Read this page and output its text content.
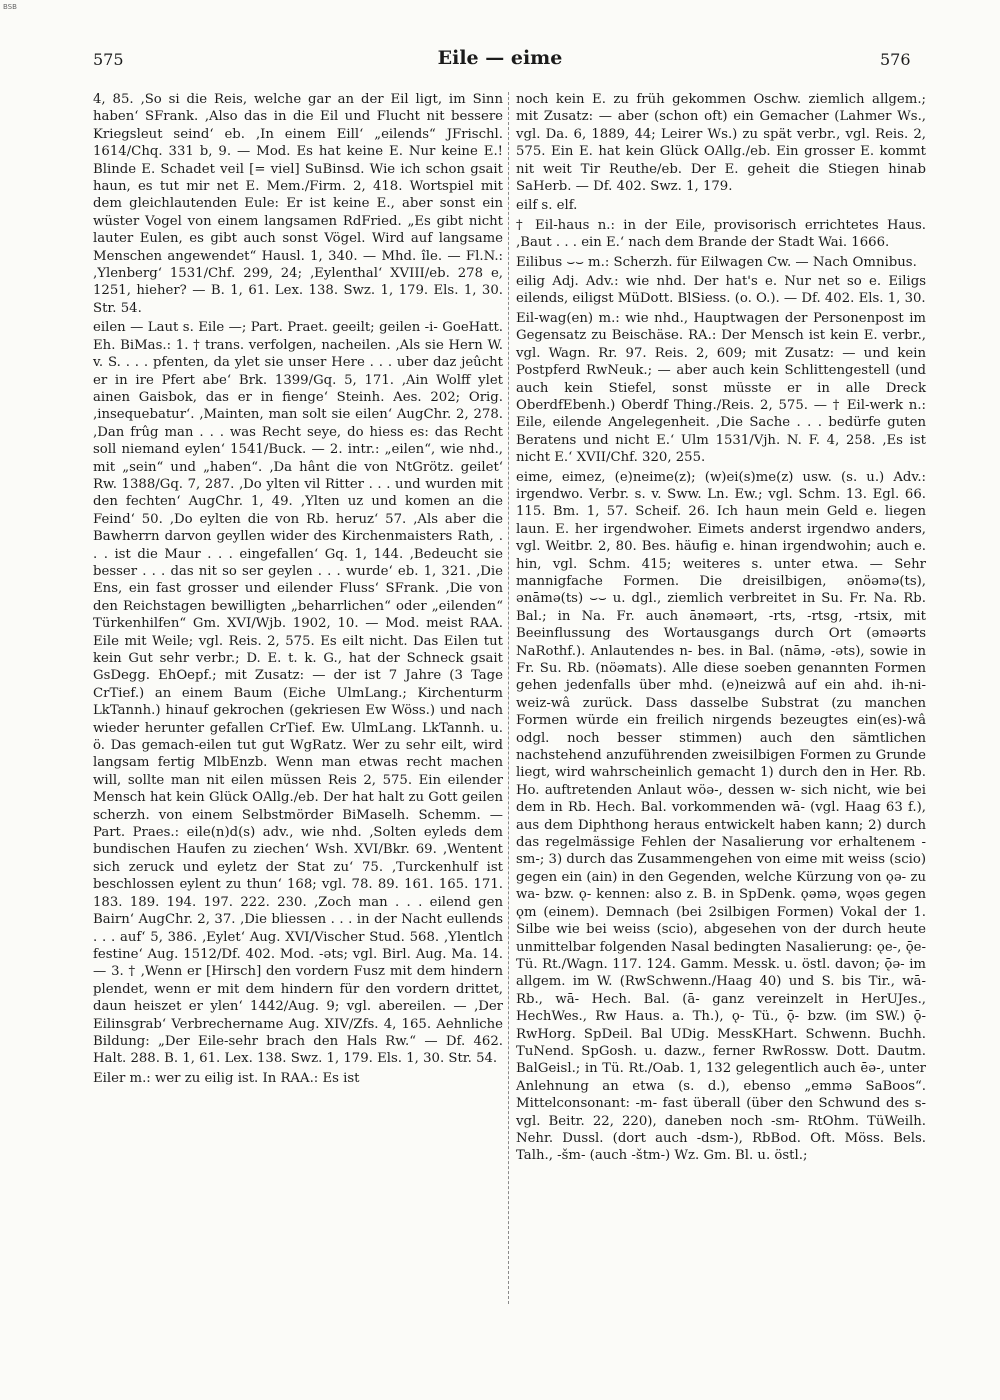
BSB
575	Eile — eime	576

4, 85. ‚So si die Reis, welche gar an der Eil ligt, im Sinn haben‘ SFrank. ‚Also das in die Eil und Flucht nit bessere Kriegsleut seind‘ eb. ‚In einem Eill‘ „eilends“ JFrischl. 1614/Chq. 331 b, 9. — Mod. Es hat keine E. Nur keine E.! Blinde E. Schadet veil [= viel] SuBinsd. Wie ich schon gsait haun, es tut mir net E. Mem./Firm. 2, 418. Wortspiel mit dem gleichlautenden Eule: Er ist keine E., aber sonst ein wüster Vogel von einem langsamen RdFried. „Es gibt nicht lauter Eulen, es gibt auch sonst Vögel. Wird auf langsame Menschen angewendet“ Hausl. 1, 340. — Mhd. île. — Fl.N.: ‚Ylenberg‘ 1531/Chf. 299, 24; ‚Eylenthal‘ XVIII/eb. 278 e, 1251, hieher? — B. 1, 61. Lex. 138. Swz. 1, 179. Els. 1, 30. Str. 54.

eilen — Laut s. Eile —; Part. Praet. geeilt; geilen -i- GoeHatt. Eh. BiMas.: 1. † trans. verfolgen, nacheilen. ‚Als sie Hern W. v. S. . . . pfenten, da ylet sie unser Here . . . uber daz jeûcht er in ire Pfert abe‘ Brk. 1399/Gq. 5, 171. ‚Ain Wolff ylet ainen Gaisbok, das er in fienge‘ Steinh. Aes. 202; Orig. ‚insequebatur‘. ‚Mainten, man solt sie eilen‘ AugChr. 2, 278. ‚Dan frûg man . . . was Recht seye, do hiess es: das Recht soll niemand eylen‘ 1541/Buck. — 2. intr.: „eilen“, wie nhd., mit „sein“ und „haben“. ‚Da hânt die von NtGrötz. geilet‘ Rw. 1388/Gq. 7, 287. ‚Do ylten vil Ritter . . . und wurden mit den fechten‘ AugChr. 1, 49. ‚Ylten uz und komen an die Feind‘ 50. ‚Do eylten die von Rb. heruz‘ 57. ‚Als aber die Bawherrn darvon geyllen wider des Kirchenmaisters Rath, . . . ist die Maur . . . eingefallen‘ Gq. 1, 144. ‚Bedeucht sie besser . . . das nit so ser geylen . . . wurde‘ eb. 1, 321. ‚Die Ens, ein fast grosser und eilender Fluss‘ SFrank. ‚Die von den Reichstagen bewilligten „beharrlichen“ oder „eilenden“ Türkenhilfen“ Gm. XVI/Wjb. 1902, 10. — Mod. meist RAA. Eile mit Weile; vgl. Reis. 2, 575. Es eilt nicht. Das Eilen tut kein Gut sehr verbr.; D. E. t. k. G., hat der Schneck gsait GsDegg. EhOepf.; mit Zusatz: — der ist 7 Jahre (3 Tage CrTief.) an einem Baum (Eiche UlmLang.; Kirchenturm LkTannh.) hinauf gekrochen (gekriesen Ew Wöss.) und nach wieder herunter gefallen CrTief. Ew. UlmLang. LkTannh. u. ö. Das gemach-eilen tut gut WgRatz. Wer zu sehr eilt, wird langsam fertig MlbEnzb. Wenn man etwas recht machen will, sollte man nit eilen müssen Reis 2, 575. Ein eilender Mensch hat kein Glück OAllg./eb. Der hat halt zu Gott geilen scherzh. von einem Selbstmörder BiMaselh. Schemm. — Part. Praes.: eile(n)d(s) adv., wie nhd. ‚Solten eyleds dem bundischen Haufen zu ziechen‘ Wsh. XVI/Bkr. 69. ‚Wentent sich zeruck und eyletz der Stat zu‘ 75. ‚Turckenhulf ist beschlossen eylent zu thun‘ 168; vgl. 78. 89. 161. 165. 171. 183. 189. 194. 197. 222. 230. ‚Zoch man . . . eilend gen Bairn‘ AugChr. 2, 37. ‚Die bliessen . . . in der Nacht eullends . . . auf‘ 5, 386. ‚Eylet‘ Aug. XVI/Vischer Stud. 568. ‚Ylentlch festine‘ Aug. 1512/Df. 402. Mod. -əts; vgl. Birl. Aug. Ma. 14. — 3. † ‚Wenn er [Hirsch] den vordern Fusz mit dem hindern plendet, wenn er mit dem hindern für den vordern drittet, daun heiszet er ylen‘ 1442/Aug. 9; vgl. abereilen. — ‚Der Eilinsgrab‘ Verbrechername Aug. XIV/Zfs. 4, 165. Aehnliche Bildung: „Der Eile-sehr brach den Hals Rw.“ — Df. 462. Halt. 288. B. 1, 61. Lex. 138. Swz. 1, 179. Els. 1, 30. Str. 54.

Eiler m.: wer zu eilig ist. In RAA.: Es ist

noch kein E. zu früh gekommen Oschw. ziemlich allgem.; mit Zusatz: — aber (schon oft) ein Gemacher (Lahmer Ws., vgl. Da. 6, 1889, 44; Leirer Ws.) zu spät verbr., vgl. Reis. 2, 575. Ein E. hat kein Glück OAllg./eb. Ein grosser E. kommt nit weit Tir Reuthe/eb. Der E. geheit die Stiegen hinab SaHerb. — Df. 402. Swz. 1, 179.

eilf s. elf.

† Eil-haus n.: in der Eile, provisorisch errichtetes Haus. ‚Baut . . . ein E.‘ nach dem Brande der Stadt Wai. 1666.

Eilibus ⌣⌣ m.: Scherzh. für Eilwagen Cw. — Nach Omnibus.

eilig Adj. Adv.: wie nhd. Der hat's e. Nur net so e. Eiligs eilends, eiligst MüDott. BlSiess. (o. O.). — Df. 402. Els. 1, 30.

Eil-wag(en) m.: wie nhd., Hauptwagen der Personenpost im Gegensatz zu Beischäse. RA.: Der Mensch ist kein E. verbr., vgl. Wagn. Rr. 97. Reis. 2, 609; mit Zusatz: — und kein Postpferd RwNeuk.; — aber auch kein Schlittengestell (und auch kein Stiefel, sonst müsste er in alle Dreck OberdfEbenh.) Oberdf Thing./Reis. 2, 575. — † Eil-werk n.: Eile, eilende Angelegenheit. ‚Die Sache . . . bedürfe guten Beratens und nicht E.‘ Ulm 1531/Vjh. N. F. 4, 258. ‚Es ist nicht E.‘ XVII/Chf. 320, 255.

eime, eimez, (e)neime(z); (w)ei(s)me(z) usw. (s. u.) Adv.: irgendwo. Verbr. s. v. Sww. Ln. Ew.; vgl. Schm. 13. Egl. 66. 115. Bm. 1, 57. Scheif. 26. Ich haun mein Geld e. liegen laun. E. her irgendwoher. Eimets anderst irgendwo anders, vgl. Weitbr. 2, 80. Bes. häufig e. hinan irgendwohin; auch e. hin, vgl. Schm. 415; weiteres s. unter etwa. — Sehr mannigfache Formen. Die dreisilbigen, ənöəmə(ts), ənāmə(ts) ⌣⌣ u. dgl., ziemlich verbreitet in Su. Fr. Na. Rb. Bal.; in Na. Fr. auch ānəməərt, -rts, -rtsg, -rtsix, mit Beeinflussung des Wortausgangs durch Ort (əməərts NaRothf.). Anlautendes n- bes. in Bal. (nāmə, -əts), sowie in Fr. Su. Rb. (nöəmats). Alle diese soeben genannten Formen gehen jedenfalls über mhd. (e)neizwâ auf ein ahd. ih-ni-weiz-wâ zurück. Dass dasselbe Substrat (zu manchen Formen würde ein freilich nirgends bezeugtes ein(es)-wâ odgl. noch besser stimmen) auch den sämtlichen nachstehend anzuführenden zweisilbigen Formen zu Grunde liegt, wird wahrscheinlich gemacht 1) durch den in Her. Rb. Ho. auftretenden Anlaut wöə-, dessen w- sich nicht, wie bei dem in Rb. Hech. Bal. vorkommenden wā- (vgl. Haag 63 f.), aus dem Diphthong heraus entwickelt haben kann; 2) durch das regelmässige Fehlen der Nasalierung vor erhaltenem -sm-; 3) durch das Zusammengehen von eime mit weiss (scio) gegen ein (ain) in den Gegenden, welche Kürzung von ǫə- zu wa- bzw. ǫ- kennen: also z. B. in SpDenk. ǫəmə, wǫəs gegen ǫm (einem). Demnach (bei 2silbigen Formen) Vokal der 1. Silbe wie bei weiss (scio), abgesehen von der durch heute unmittelbar folgenden Nasal bedingten Nasalierung: ǫe-, ǭe- Tü. Rt./Wagn. 117. 124. Gamm. Messk. u. östl. davon; ǭə- im allgem. im W. (RwSchwenn./Haag 40) und S. bis Tir., wā- Rb., wā- Hech. Bal. (ā- ganz vereinzelt in HerUJes., HechWes., Rw Haus. a. Th.), ǫ- Tü., ǭ- bzw. (im SW.) ǭ- RwHorg. SpDeil. Bal UDig. MessKHart. Schwenn. Buchh. TuNend. SpGosh. u. dazw., ferner RwRossw. Dott. Dautm. BalGeisl.; in Tü. Rt./Oab. 1, 132 gelegentlich auch ēə-, unter Anlehnung an etwa (s. d.), ebenso „emmə SaBoos“. Mittelconsonant: -m- fast überall (über den Schwund des s- vgl. Beitr. 22, 220), daneben noch -sm- RtOhm. TüWeilh. Nehr. Dussl. (dort auch -dsm-), RbBod. Oft. Möss. Bels. Talh., -šm- (auch -štm-) Wz. Gm. Bl. u. östl.;
